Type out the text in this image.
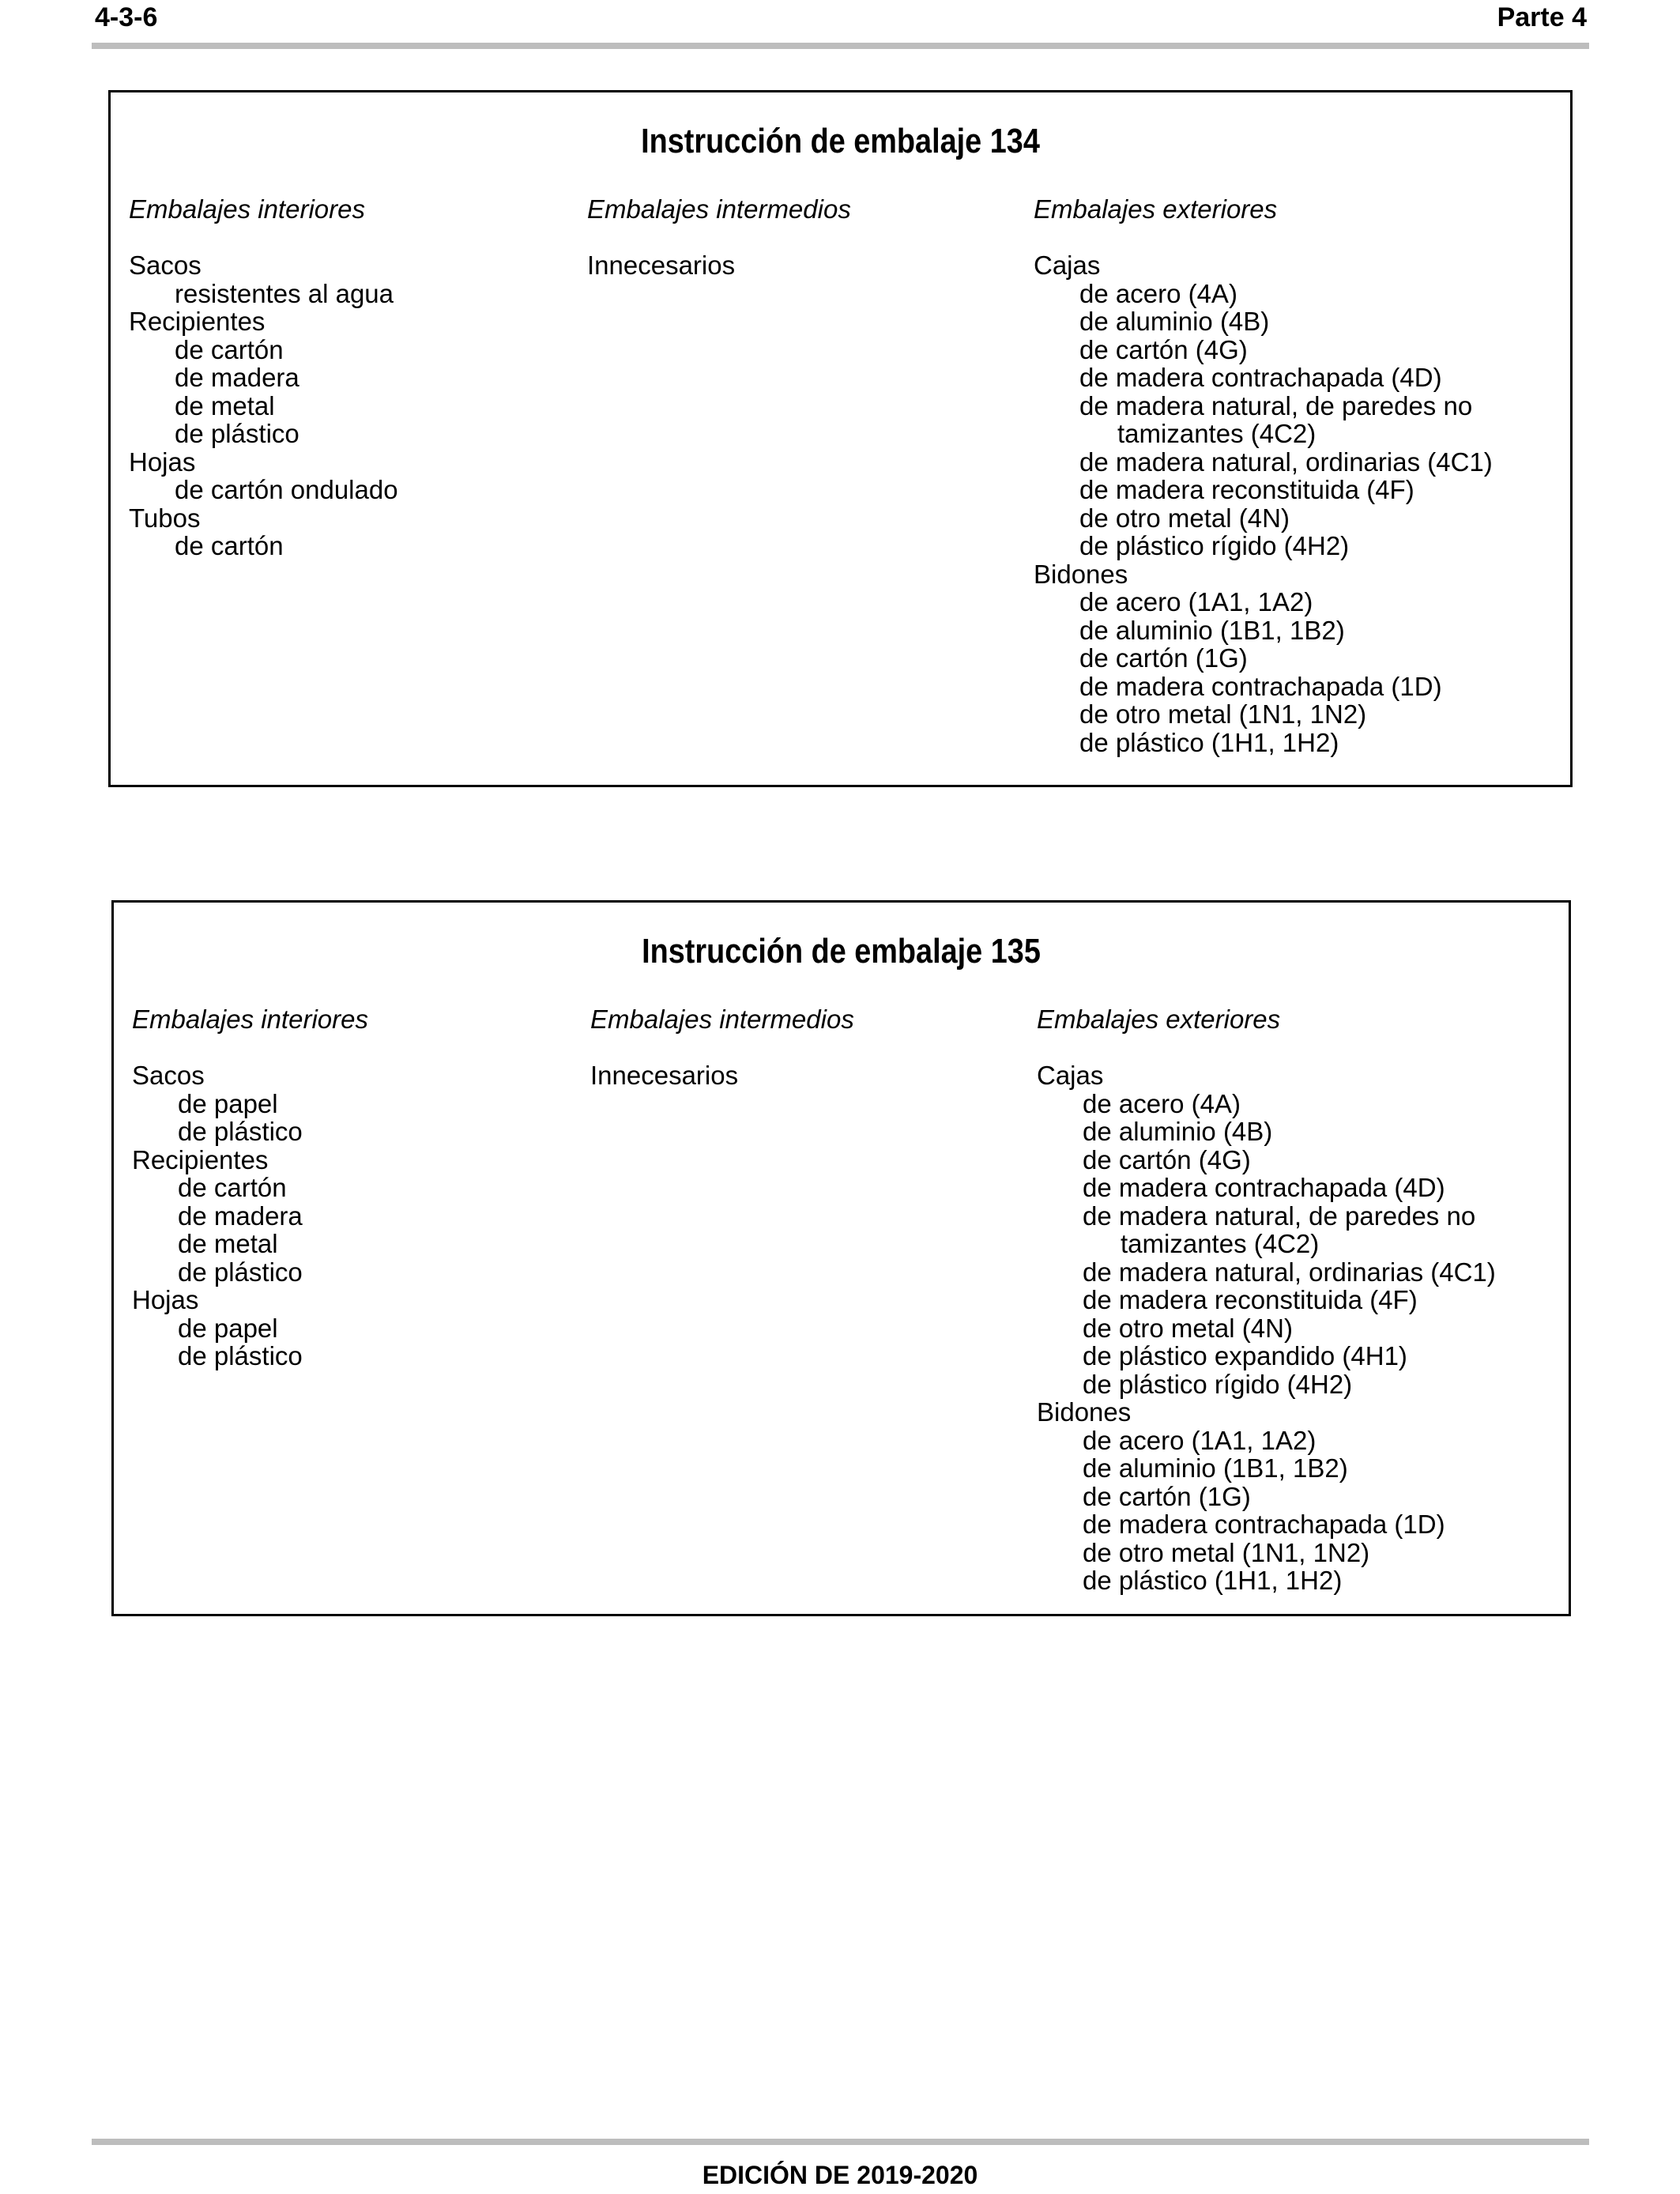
4-3-6	Parte 4
Instrucción de embalaje 134
Embalajes interiores
Sacos
resistentes al agua
Recipientes
de cartón
de madera
de metal
de plástico
Hojas
de cartón ondulado
Tubos
de cartón
Embalajes intermedios
Innecesarios
Embalajes exteriores
Cajas
de acero (4A)
de aluminio (4B)
de cartón (4G)
de madera contrachapada (4D)
de madera natural, de paredes no
tamizantes (4C2)
de madera natural, ordinarias (4C1)
de madera reconstituida (4F)
de otro metal (4N)
de plástico rígido (4H2)
Bidones
de acero (1A1, 1A2)
de aluminio (1B1, 1B2)
de cartón (1G)
de madera contrachapada (1D)
de otro metal (1N1, 1N2)
de plástico (1H1, 1H2)
Instrucción de embalaje 135
Embalajes interiores
Sacos
de papel
de plástico
Recipientes
de cartón
de madera
de metal
de plástico
Hojas
de papel
de plástico
Embalajes intermedios
Innecesarios
Embalajes exteriores
Cajas
de acero (4A)
de aluminio (4B)
de cartón (4G)
de madera contrachapada (4D)
de madera natural, de paredes no
tamizantes (4C2)
de madera natural, ordinarias (4C1)
de madera reconstituida (4F)
de otro metal (4N)
de plástico expandido (4H1)
de plástico rígido (4H2)
Bidones
de acero (1A1, 1A2)
de aluminio (1B1, 1B2)
de cartón (1G)
de madera contrachapada (1D)
de otro metal (1N1, 1N2)
de plástico (1H1, 1H2)
EDICIÓN DE 2019-2020
